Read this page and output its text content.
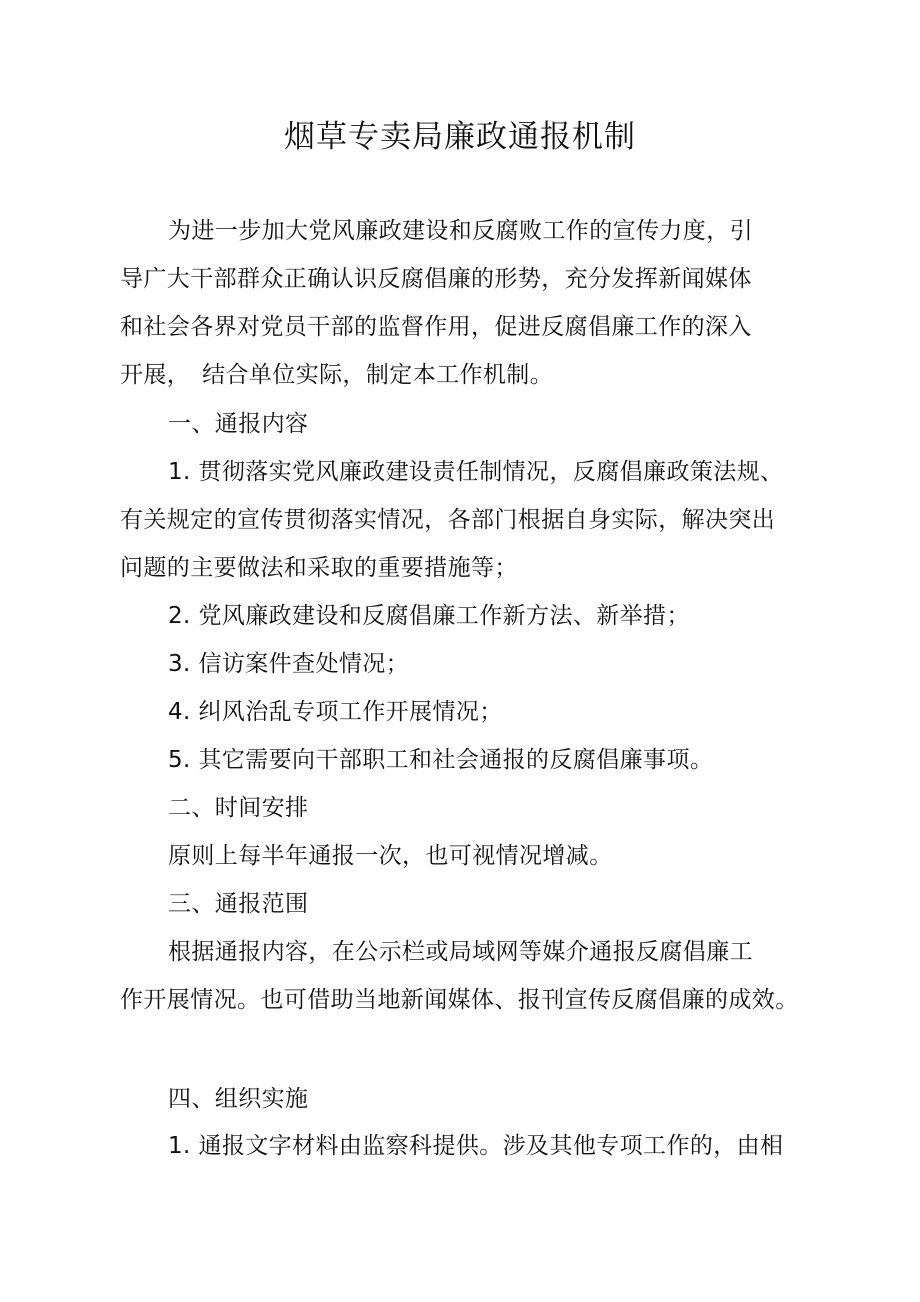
烟草专卖局廉政通报机制
为进一步加大党风廉政建设和反腐败工作的宣传力度，引
导广大干部群众正确认识反腐倡廉的形势，充分发挥新闻媒体
和社会各界对党员干部的监督作用，促进反腐倡廉工作的深入
开展，　结合单位实际，制定本工作机制。
一、通报内容
1. 贯彻落实党风廉政建设责任制情况，反腐倡廉政策法规、
有关规定的宣传贯彻落实情况，各部门根据自身实际，解决突出
问题的主要做法和采取的重要措施等；
2. 党风廉政建设和反腐倡廉工作新方法、新举措；
3. 信访案件查处情况；
4. 纠风治乱专项工作开展情况；
5. 其它需要向干部职工和社会通报的反腐倡廉事项。
二、时间安排
原则上每半年通报一次，也可视情况增减。
三、通报范围
根据通报内容，在公示栏或局域网等媒介通报反腐倡廉工
作开展情况。也可借助当地新闻媒体、报刊宣传反腐倡廉的成效。
四、组织实施
1. 通报文字材料由监察科提供。涉及其他专项工作的，由相
